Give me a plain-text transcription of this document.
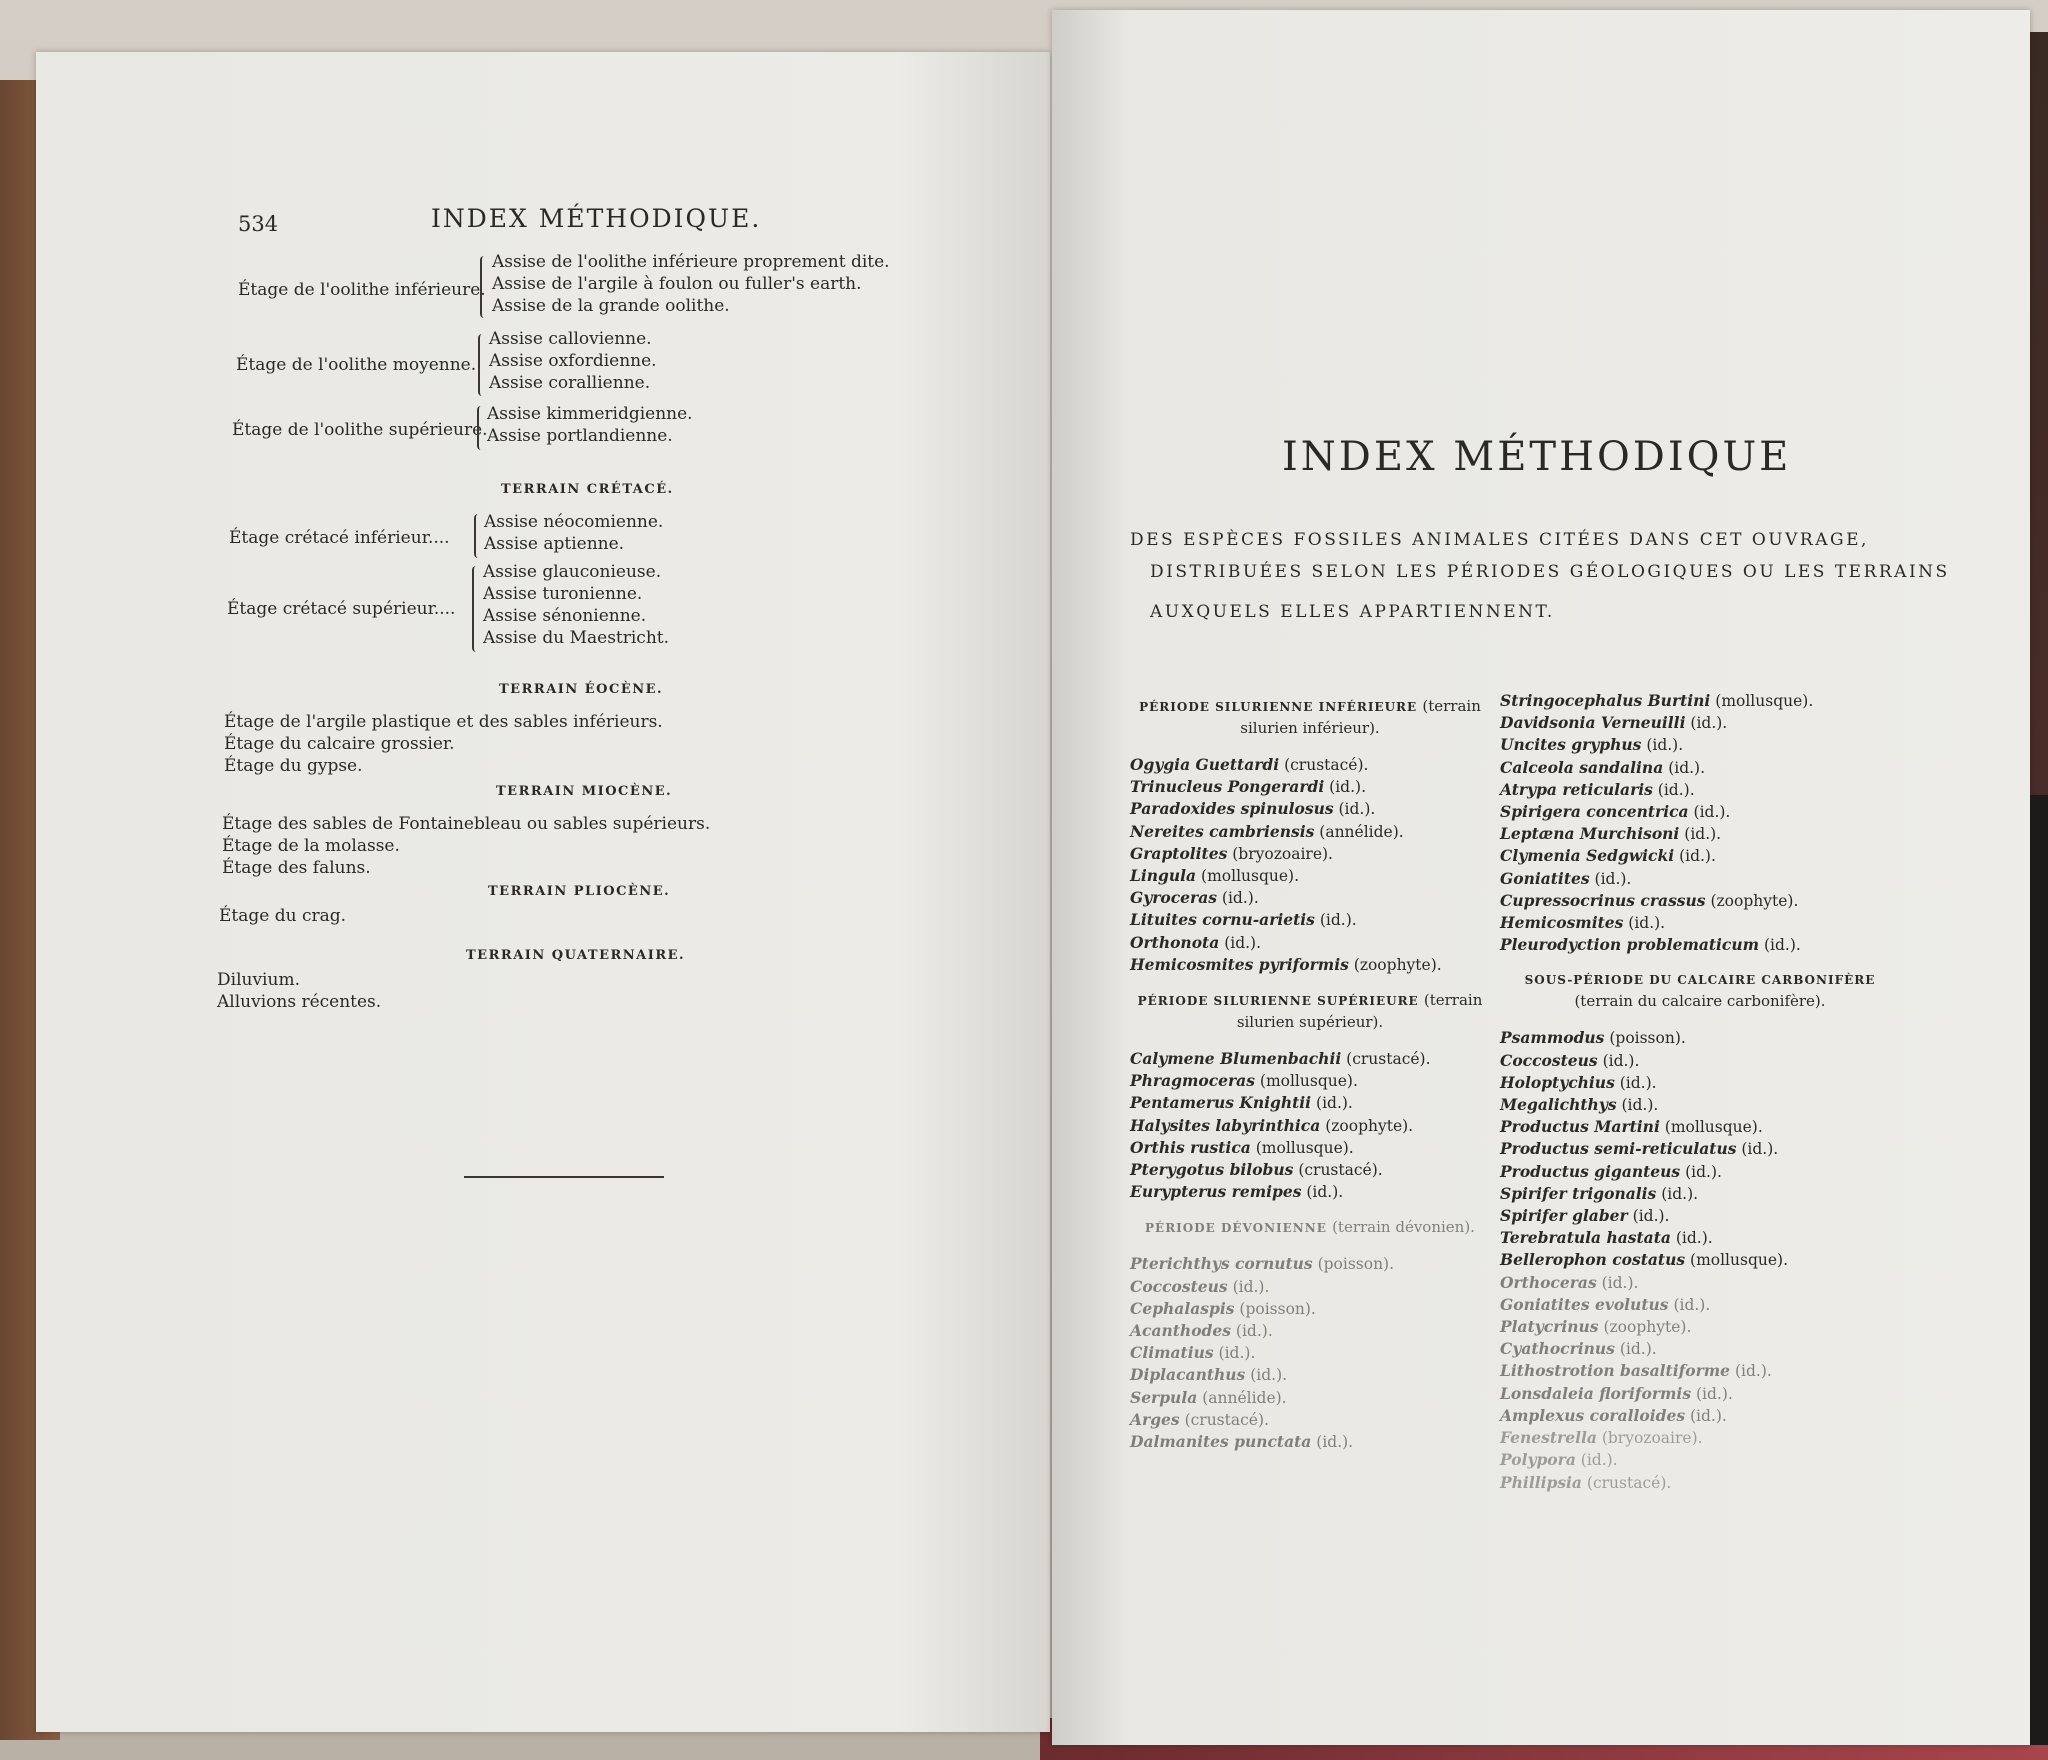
534	INDEX MÉTHODIQUE.
Étage de l'oolithe inférieure.
Assise de l'oolithe inférieure proprement dite.
Assise de l'argile à foulon ou fuller's earth.
Assise de la grande oolithe.
Étage de l'oolithe moyenne.
Assise callovienne.
Assise oxfordienne.
Assise corallienne.
Étage de l'oolithe supérieure.
Assise kimmeridgienne.
Assise portlandienne.
TERRAIN CRÉTACÉ.
Étage crétacé inférieur....
Assise néocomienne.
Assise aptienne.
Étage crétacé supérieur....
Assise glauconieuse.
Assise turonienne.
Assise sénonienne.
Assise du Maestricht.
TERRAIN ÉOCÈNE.
Étage de l'argile plastique et des sables inférieurs.
Étage du calcaire grossier.
Étage du gypse.
TERRAIN MIOCÈNE.
Étage des sables de Fontainebleau ou sables supérieurs.
Étage de la molasse.
Étage des faluns.
TERRAIN PLIOCÈNE.
Étage du crag.
TERRAIN QUATERNAIRE.
Diluvium.
Alluvions récentes.
INDEX MÉTHODIQUE
DES ESPÈCES FOSSILES ANIMALES CITÉES DANS CET OUVRAGE,
DISTRIBUÉES SELON LES PÉRIODES GÉOLOGIQUES OU LES TERRAINS
AUXQUELS ELLES APPARTIENNENT.
PÉRIODE SILURIENNE INFÉRIEURE (terrain silurien inférieur).
Ogygia Guettardi (crustacé).
Trinucleus Pongerardi (id.).
Paradoxides spinulosus (id.).
Nereites cambriensis (annélide).
Graptolites (bryozoaire).
Lingula (mollusque).
Gyroceras (id.).
Lituites cornu-arietis (id.).
Orthonota (id.).
Hemicosmites pyriformis (zoophyte).
PÉRIODE SILURIENNE SUPÉRIEURE (terrain silurien supérieur).
Calymene Blumenbachii (crustacé).
Phragmoceras (mollusque).
Pentamerus Knightii (id.).
Halysites labyrinthica (zoophyte).
Orthis rustica (mollusque).
Pterygotus bilobus (crustacé).
Eurypterus remipes (id.).
PÉRIODE DÉVONIENNE (terrain dévonien).
Pterichthys cornutus (poisson).
Coccosteus (id.).
Cephalaspis (poisson).
Acanthodes (id.).
Climatius (id.).
Diplacanthus (id.).
Serpula (annélide).
Arges (crustacé).
Dalmanites punctata (id.).
Stringocephalus Burtini (mollusque).
Davidsonia Verneuilli (id.).
Uncites gryphus (id.).
Calceola sandalina (id.).
Atrypa reticularis (id.).
Spirigera concentrica (id.).
Leptæna Murchisoni (id.).
Clymenia Sedgwicki (id.).
Goniatites (id.).
Cupressocrinus crassus (zoophyte).
Hemicosmites (id.).
Pleurodyction problematicum (id.).
SOUS-PÉRIODE DU CALCAIRE CARBONIFÈRE
(terrain du calcaire carbonifère).
Psammodus (poisson).
Coccosteus (id.).
Holoptychius (id.).
Megalichthys (id.).
Productus Martini (mollusque).
Productus semi-reticulatus (id.).
Productus giganteus (id.).
Spirifer trigonalis (id.).
Spirifer glaber (id.).
Terebratula hastata (id.).
Bellerophon costatus (mollusque).
Orthoceras (id.).
Goniatites evolutus (id.).
Platycrinus (zoophyte).
Cyathocrinus (id.).
Lithostrotion basaltiforme (id.).
Lonsdaleia floriformis (id.).
Amplexus coralloides (id.).
Fenestrella (bryozoaire).
Polypora (id.).
Phillipsia (crustacé).
